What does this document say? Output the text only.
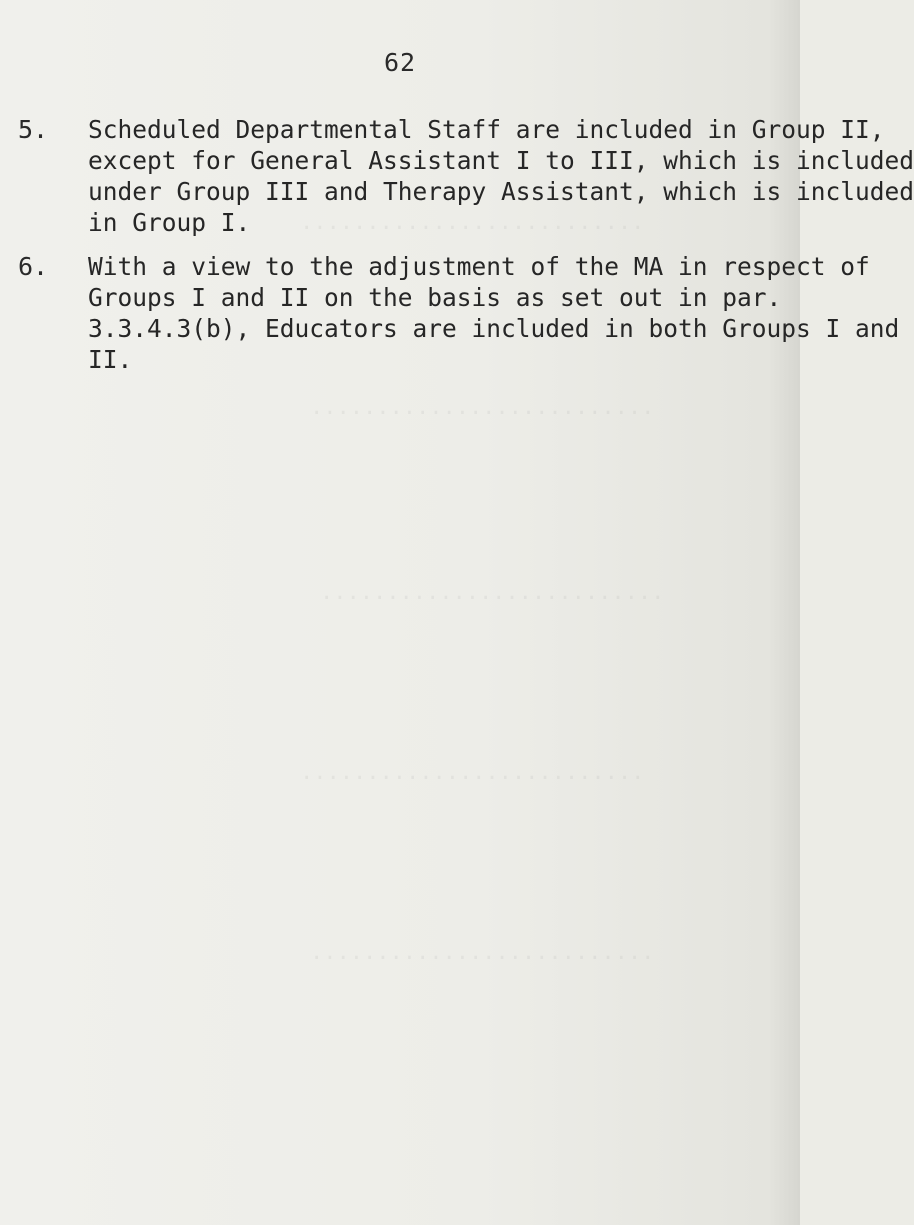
62
5. Scheduled Departmental Staff are included in Group II,
except for General Assistant I to III, which is included
under Group III and Therapy Assistant, which is included
in Group I.
6. With a view to the adjustment of the MA in respect of
Groups I and II on the basis as set out in par.
3.3.4.3(b), Educators are included in both Groups I and
II.
